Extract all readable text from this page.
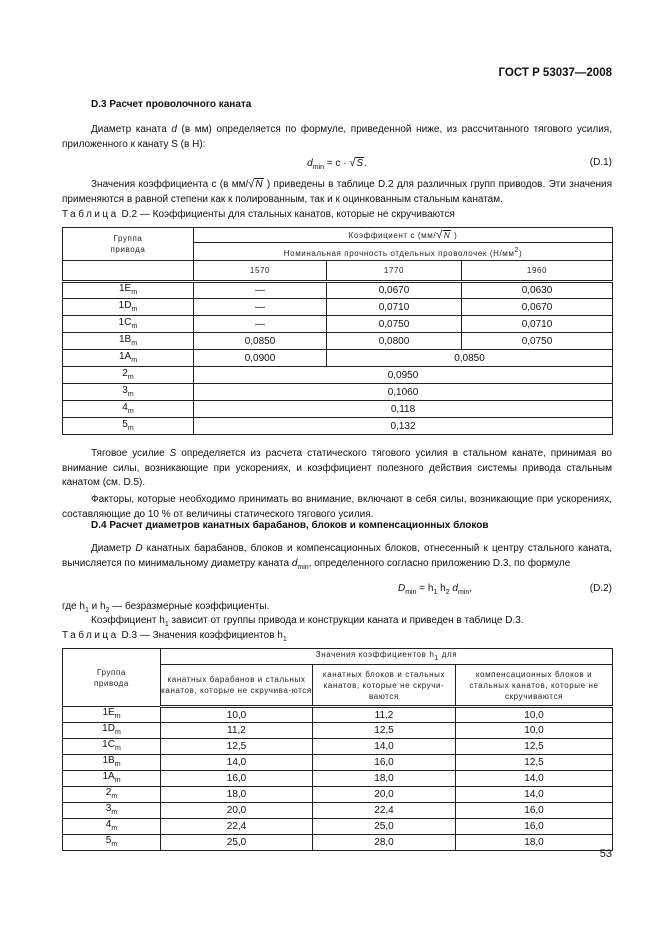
ГОСТ Р 53037—2008
D.3 Расчет проволочного каната
Диаметр каната d (в мм) определяется по формуле, приведенной ниже, из рассчитанного тягового усилия, приложенного к канату S (в Н):
$d_{min} = c \cdot √S$.	(D.1)
Значения коэффициента c (в мм/√N ) приведены в таблице D.2 для различных групп приводов. Эти значения применяются в равной степени как к полированным, так и к оцинкованным стальным канатам.
Таблица D.2 — Коэффициенты для стальных канатов, которые не скручиваются
Группа привода	Коэффициент c (мм/√N )		
	Номинальная прочность отдельных проволочек (Н/мм2)		
	1570	1770	1960
$1E_m$	—	0,0670	0,0630
$1D_m$	—	0,0710	0,0670
$1C_m$	—	0,0750	0,0710
$1B_m$	0,0850	0,0800	0,0750
$1A_m$	0,0900	0,0850	
$2_m$	0,0950		
$3_m$	0,1060		
$4_m$	0,118		
$5_m$	0,132		
Тяговое усилие S определяется из расчета статического тягового усилия в стальном канате, принимая во внимание силы, возникающие при ускорениях, и коэффициент полезного действия системы привода стальным канатом (см. D.5).
Факторы, которые необходимо принимать во внимание, включают в себя силы, возникающие при ускорениях, составляющие до 10 % от величины статического тягового усилия.
D.4 Расчет диаметров канатных барабанов, блоков и компенсационных блоков
Диаметр D канатных барабанов, блоков и компенсационных блоков, отнесенный к центру стального каната, вычисляется по минимальному диаметру каната $d_{min}$, определенного согласно приложению D.3, по формуле
$D_{min} = h_1$ $h_2$ $d_{min}$,	(D.2)
где $h_1$ и $h_2$ — безразмерные коэффициенты.
Коэффициент $h_1$ зависит от группы привода и конструкции каната и приведен в таблице D.3.
Таблица D.3 — Значения коэффициентов $h_1$
Группа привода	Значения коэффициентов h1 для		
	канатных барабанов и стальных канатов, которые не скручива-ются	канатных блоков и стальных канатов, которые не скручи-ваются	компенсационных блоков и стальных канатов, которые не скручиваются
$1E_m$	10,0	11,2	10,0
$1D_m$	11,2	12,5	10,0
$1C_m$	12,5	14,0	12,5
$1B_m$	14,0	16,0	12,5
$1A_m$	16,0	18,0	14,0
$2_m$	18,0	20,0	14,0
$3_m$	20,0	22,4	16,0
$4_m$	22,4	25,0	16,0
$5_m$	25,0	28,0	18,0
53
